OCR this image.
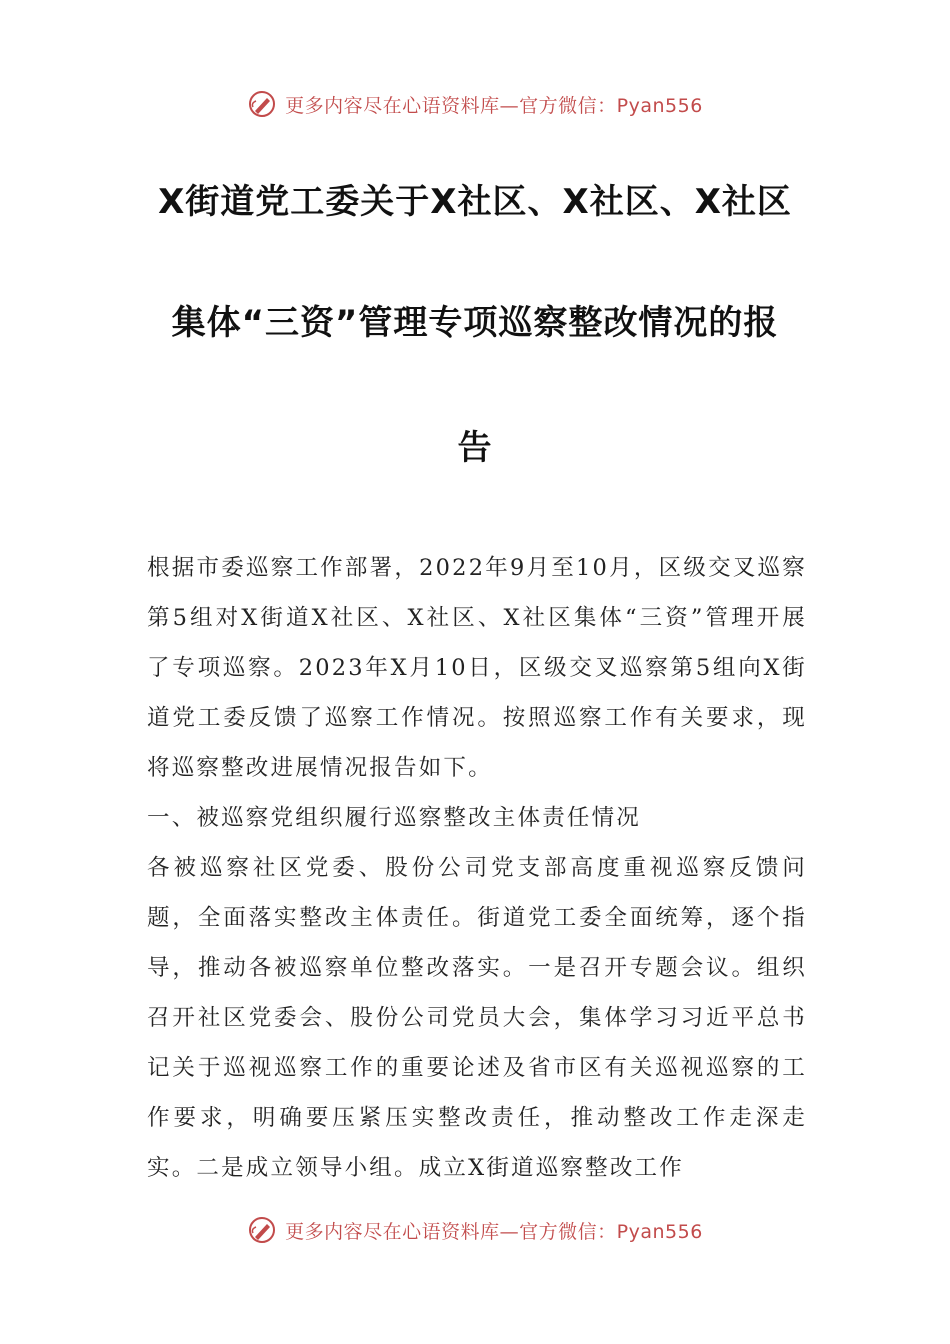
更多内容尽在心语资料库—官方微信：Pyan556
X街道党工委关于X社区、X社区、X社区
集体“三资”管理专项巡察整改情况的报
告

根据市委巡察工作部署，2022年9月至10月，区级交叉巡察第5组对X街道X社区、X社区、X社区集体“三资”管理开展了专项巡察。2023年X月10日，区级交叉巡察第5组向X街道党工委反馈了巡察工作情况。按照巡察工作有关要求，现将巡察整改进展情况报告如下。

一、被巡察党组织履行巡察整改主体责任情况

各被巡察社区党委、股份公司党支部高度重视巡察反馈问题，全面落实整改主体责任。街道党工委全面统筹，逐个指导，推动各被巡察单位整改落实。一是召开专题会议。组织召开社区党委会、股份公司党员大会，集体学习习近平总书记关于巡视巡察工作的重要论述及省市区有关巡视巡察的工作要求，明确要压紧压实整改责任，推动整改工作走深走实。二是成立领导小组。成立X街道巡察整改工作

更多内容尽在心语资料库—官方微信：Pyan556
